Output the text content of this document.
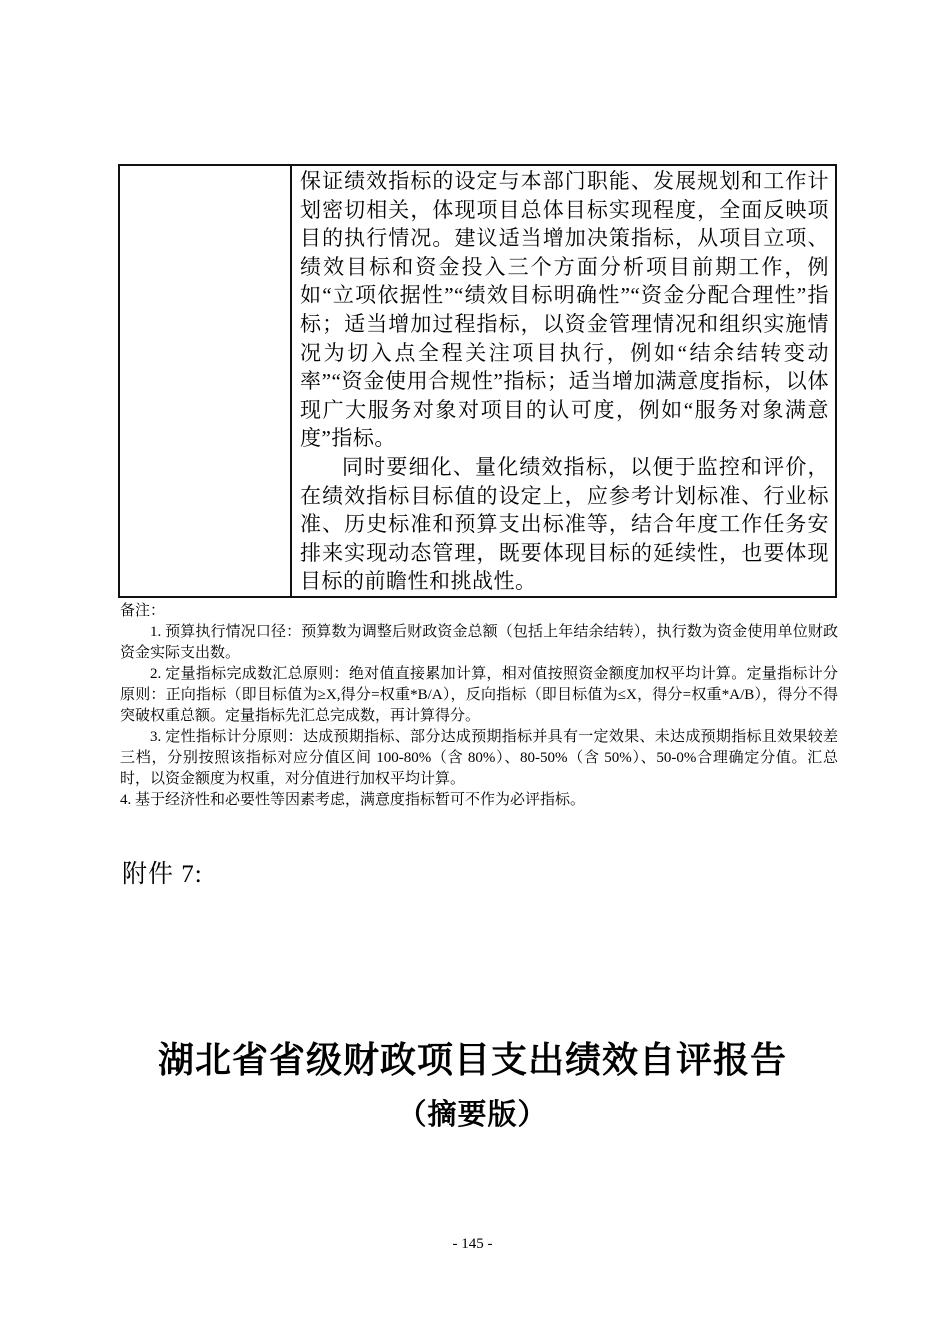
保证绩效指标的设定与本部门职能、发展规划和工作计划密切相关，体现项目总体目标实现程度，全面反映项目的执行情况。建议适当增加决策指标，从项目立项、绩效目标和资金投入三个方面分析项目前期工作，例如“立项依据性”“绩效目标明确性”“资金分配合理性”指标；适当增加过程指标，以资金管理情况和组织实施情况为切入点全程关注项目执行，例如“结余结转变动率”“资金使用合规性”指标；适当增加满意度指标，以体现广大服务对象对项目的认可度，例如“服务对象满意度”指标。

同时要细化、量化绩效指标，以便于监控和评价，在绩效指标目标值的设定上，应参考计划标准、行业标准、历史标准和预算支出标准等，结合年度工作任务安排来实现动态管理，既要体现目标的延续性，也要体现目标的前瞻性和挑战性。

备注：

1. 预算执行情况口径：预算数为调整后财政资金总额（包括上年结余结转），执行数为资金使用单位财政资金实际支出数。

2. 定量指标完成数汇总原则：绝对值直接累加计算，相对值按照资金额度加权平均计算。定量指标计分原则：正向指标（即目标值为≥X,得分=权重*B/A），反向指标（即目标值为≤X，得分=权重*A/B），得分不得突破权重总额。定量指标先汇总完成数，再计算得分。

3. 定性指标计分原则：达成预期指标、部分达成预期指标并具有一定效果、未达成预期指标且效果较差三档，分别按照该指标对应分值区间 100-80%（含 80%）、80-50%（含 50%）、50-0%合理确定分值。汇总时，以资金额度为权重，对分值进行加权平均计算。

4. 基于经济性和必要性等因素考虑，满意度指标暂可不作为必评指标。

附件 7:
湖北省省级财政项目支出绩效自评报告
（摘要版）
- 145 -
